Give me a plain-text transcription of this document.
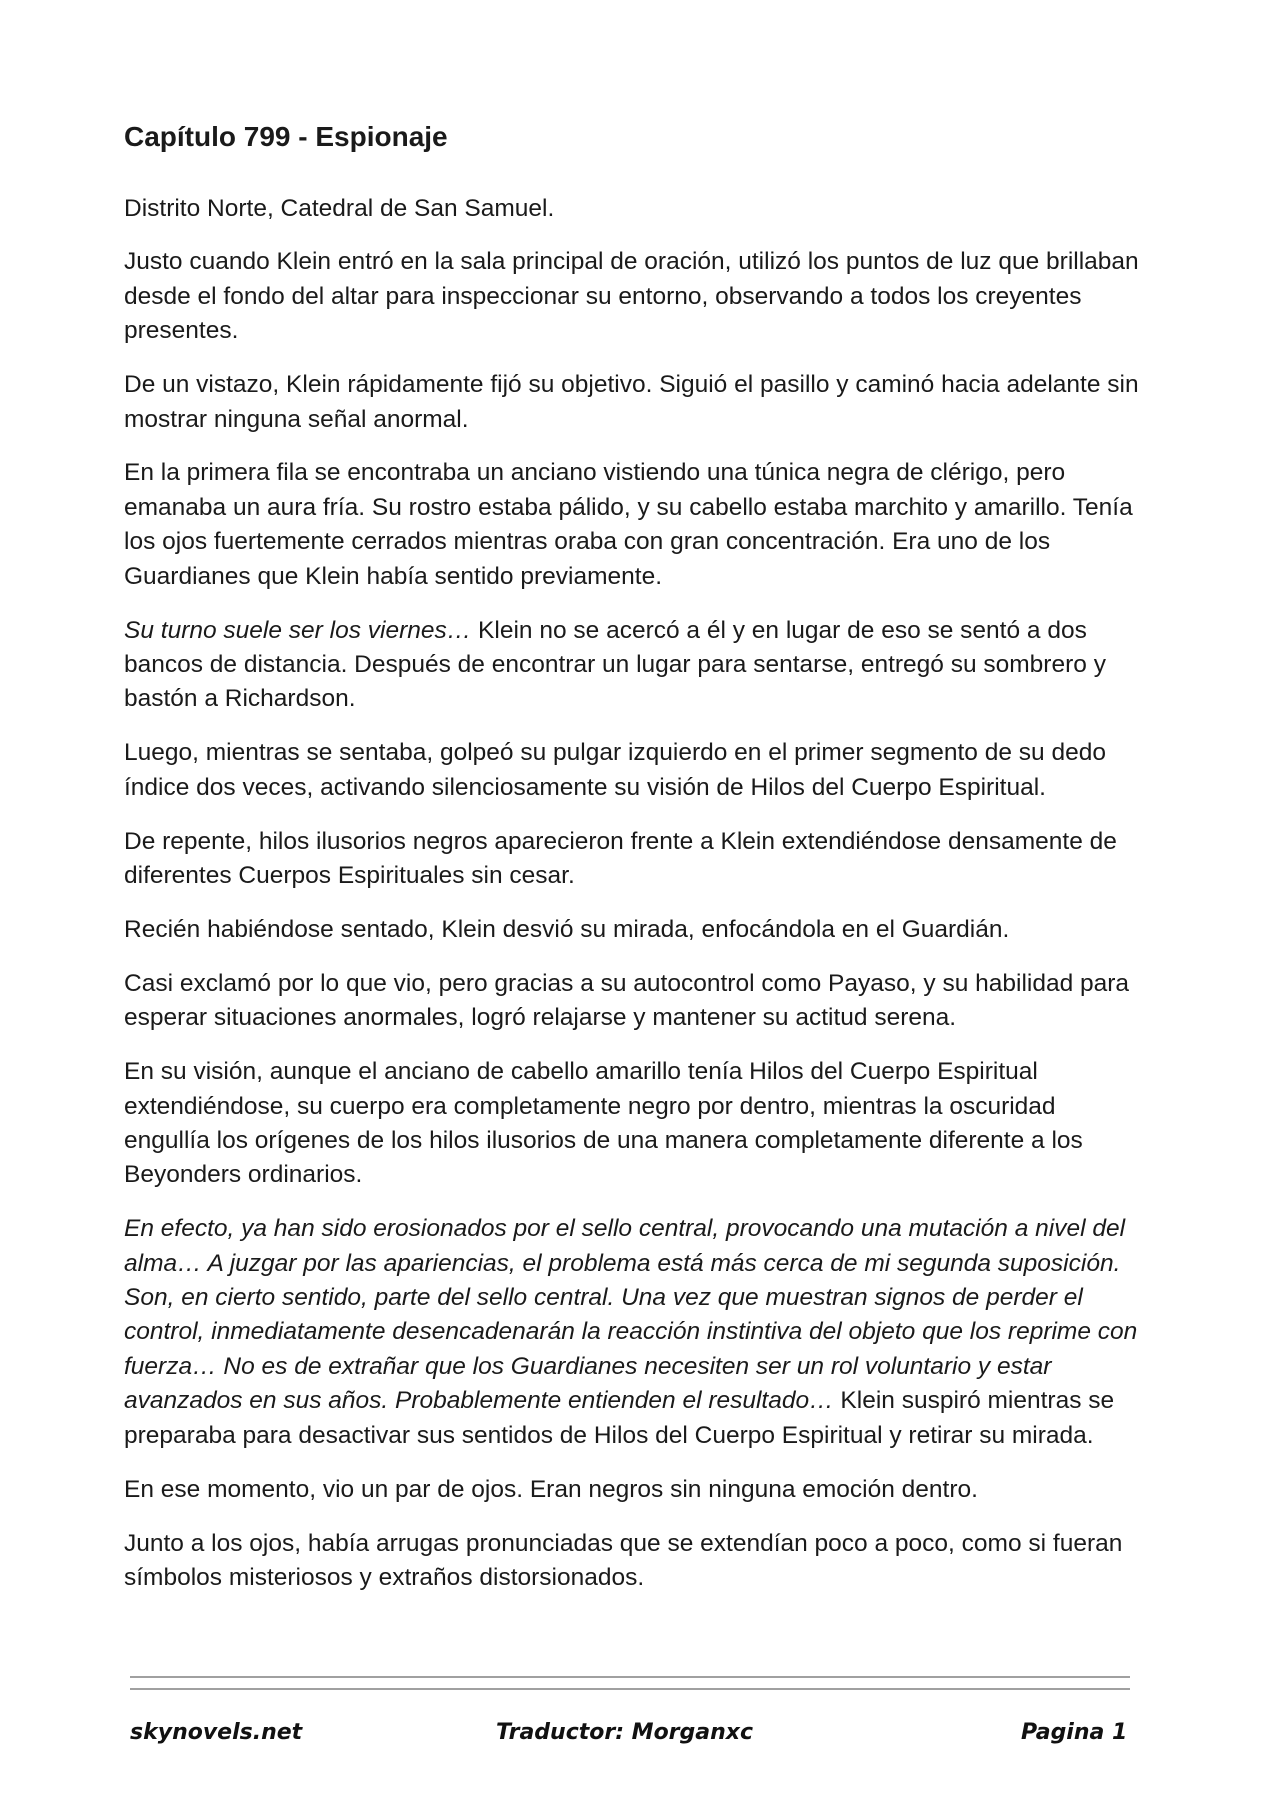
Capítulo 799 - Espionaje

Distrito Norte, Catedral de San Samuel.

Justo cuando Klein entró en la sala principal de oración, utilizó los puntos de luz que brillaban desde el fondo del altar para inspeccionar su entorno, observando a todos los creyentes presentes.

De un vistazo, Klein rápidamente fijó su objetivo. Siguió el pasillo y caminó hacia adelante sin mostrar ninguna señal anormal.

En la primera fila se encontraba un anciano vistiendo una túnica negra de clérigo, pero emanaba un aura fría. Su rostro estaba pálido, y su cabello estaba marchito y amarillo. Tenía los ojos fuertemente cerrados mientras oraba con gran concentración. Era uno de los Guardianes que Klein había sentido previamente.

Su turno suele ser los viernes… Klein no se acercó a él y en lugar de eso se sentó a dos bancos de distancia. Después de encontrar un lugar para sentarse, entregó su sombrero y bastón a Richardson.

Luego, mientras se sentaba, golpeó su pulgar izquierdo en el primer segmento de su dedo índice dos veces, activando silenciosamente su visión de Hilos del Cuerpo Espiritual.

De repente, hilos ilusorios negros aparecieron frente a Klein extendiéndose densamente de diferentes Cuerpos Espirituales sin cesar.

Recién habiéndose sentado, Klein desvió su mirada, enfocándola en el Guardián.

Casi exclamó por lo que vio, pero gracias a su autocontrol como Payaso, y su habilidad para esperar situaciones anormales, logró relajarse y mantener su actitud serena.

En su visión, aunque el anciano de cabello amarillo tenía Hilos del Cuerpo Espiritual extendiéndose, su cuerpo era completamente negro por dentro, mientras la oscuridad engullía los orígenes de los hilos ilusorios de una manera completamente diferente a los Beyonders ordinarios.

En efecto, ya han sido erosionados por el sello central, provocando una mutación a nivel del alma… A juzgar por las apariencias, el problema está más cerca de mi segunda suposición. Son, en cierto sentido, parte del sello central. Una vez que muestran signos de perder el control, inmediatamente desencadenarán la reacción instintiva del objeto que los reprime con fuerza… No es de extrañar que los Guardianes necesiten ser un rol voluntario y estar avanzados en sus años. Probablemente entienden el resultado… Klein suspiró mientras se preparaba para desactivar sus sentidos de Hilos del Cuerpo Espiritual y retirar su mirada.

En ese momento, vio un par de ojos. Eran negros sin ninguna emoción dentro.

Junto a los ojos, había arrugas pronunciadas que se extendían poco a poco, como si fueran símbolos misteriosos y extraños distorsionados.

skynovels.net	Traductor: Morganxc	Pagina 1
